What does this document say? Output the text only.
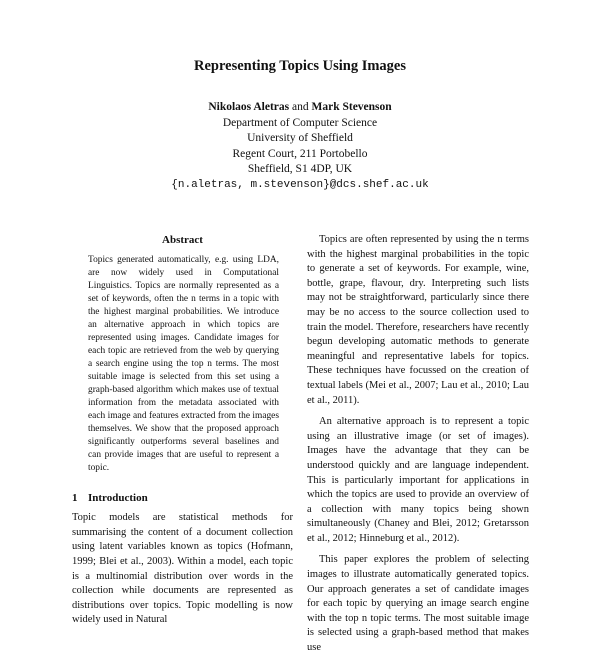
Representing Topics Using Images
Nikolaos Aletras and Mark Stevenson
Department of Computer Science
University of Sheffield
Regent Court, 211 Portobello
Sheffield, S1 4DP, UK
{n.aletras, m.stevenson}@dcs.shef.ac.uk
Abstract
Topics generated automatically, e.g. using LDA, are now widely used in Computational Linguistics. Topics are normally represented as a set of keywords, often the n terms in a topic with the highest marginal probabilities. We introduce an alternative approach in which topics are represented using images. Candidate images for each topic are retrieved from the web by querying a search engine using the top n terms. The most suitable image is selected from this set using a graph-based algorithm which makes use of textual information from the metadata associated with each image and features extracted from the images themselves. We show that the proposed approach significantly outperforms several baselines and can provide images that are useful to represent a topic.
1 Introduction

Topic models are statistical methods for summarising the content of a document collection using latent variables known as topics (Hofmann, 1999; Blei et al., 2003). Within a model, each topic is a multinomial distribution over words in the collection while documents are represented as distributions over topics. Topic modelling is now widely used in Natural

Topics are often represented by using the n terms with the highest marginal probabilities in the topic to generate a set of keywords. For example, wine, bottle, grape, flavour, dry. Interpreting such lists may not be straightforward, particularly since there may be no access to the source collection used to train the model. Therefore, researchers have recently begun developing automatic methods to generate meaningful and representative labels for topics. These techniques have focussed on the creation of textual labels (Mei et al., 2007; Lau et al., 2010; Lau et al., 2011).

An alternative approach is to represent a topic using an illustrative image (or set of images). Images have the advantage that they can be understood quickly and are language independent. This is particularly important for applications in which the topics are used to provide an overview of a collection with many topics being shown simultaneously (Chaney and Blei, 2012; Gretarsson et al., 2012; Hinneburg et al., 2012).

This paper explores the problem of selecting images to illustrate automatically generated topics. Our approach generates a set of candidate images for each topic by querying an image search engine with the top n topic terms. The most suitable image is selected using a graph-based method that makes use
